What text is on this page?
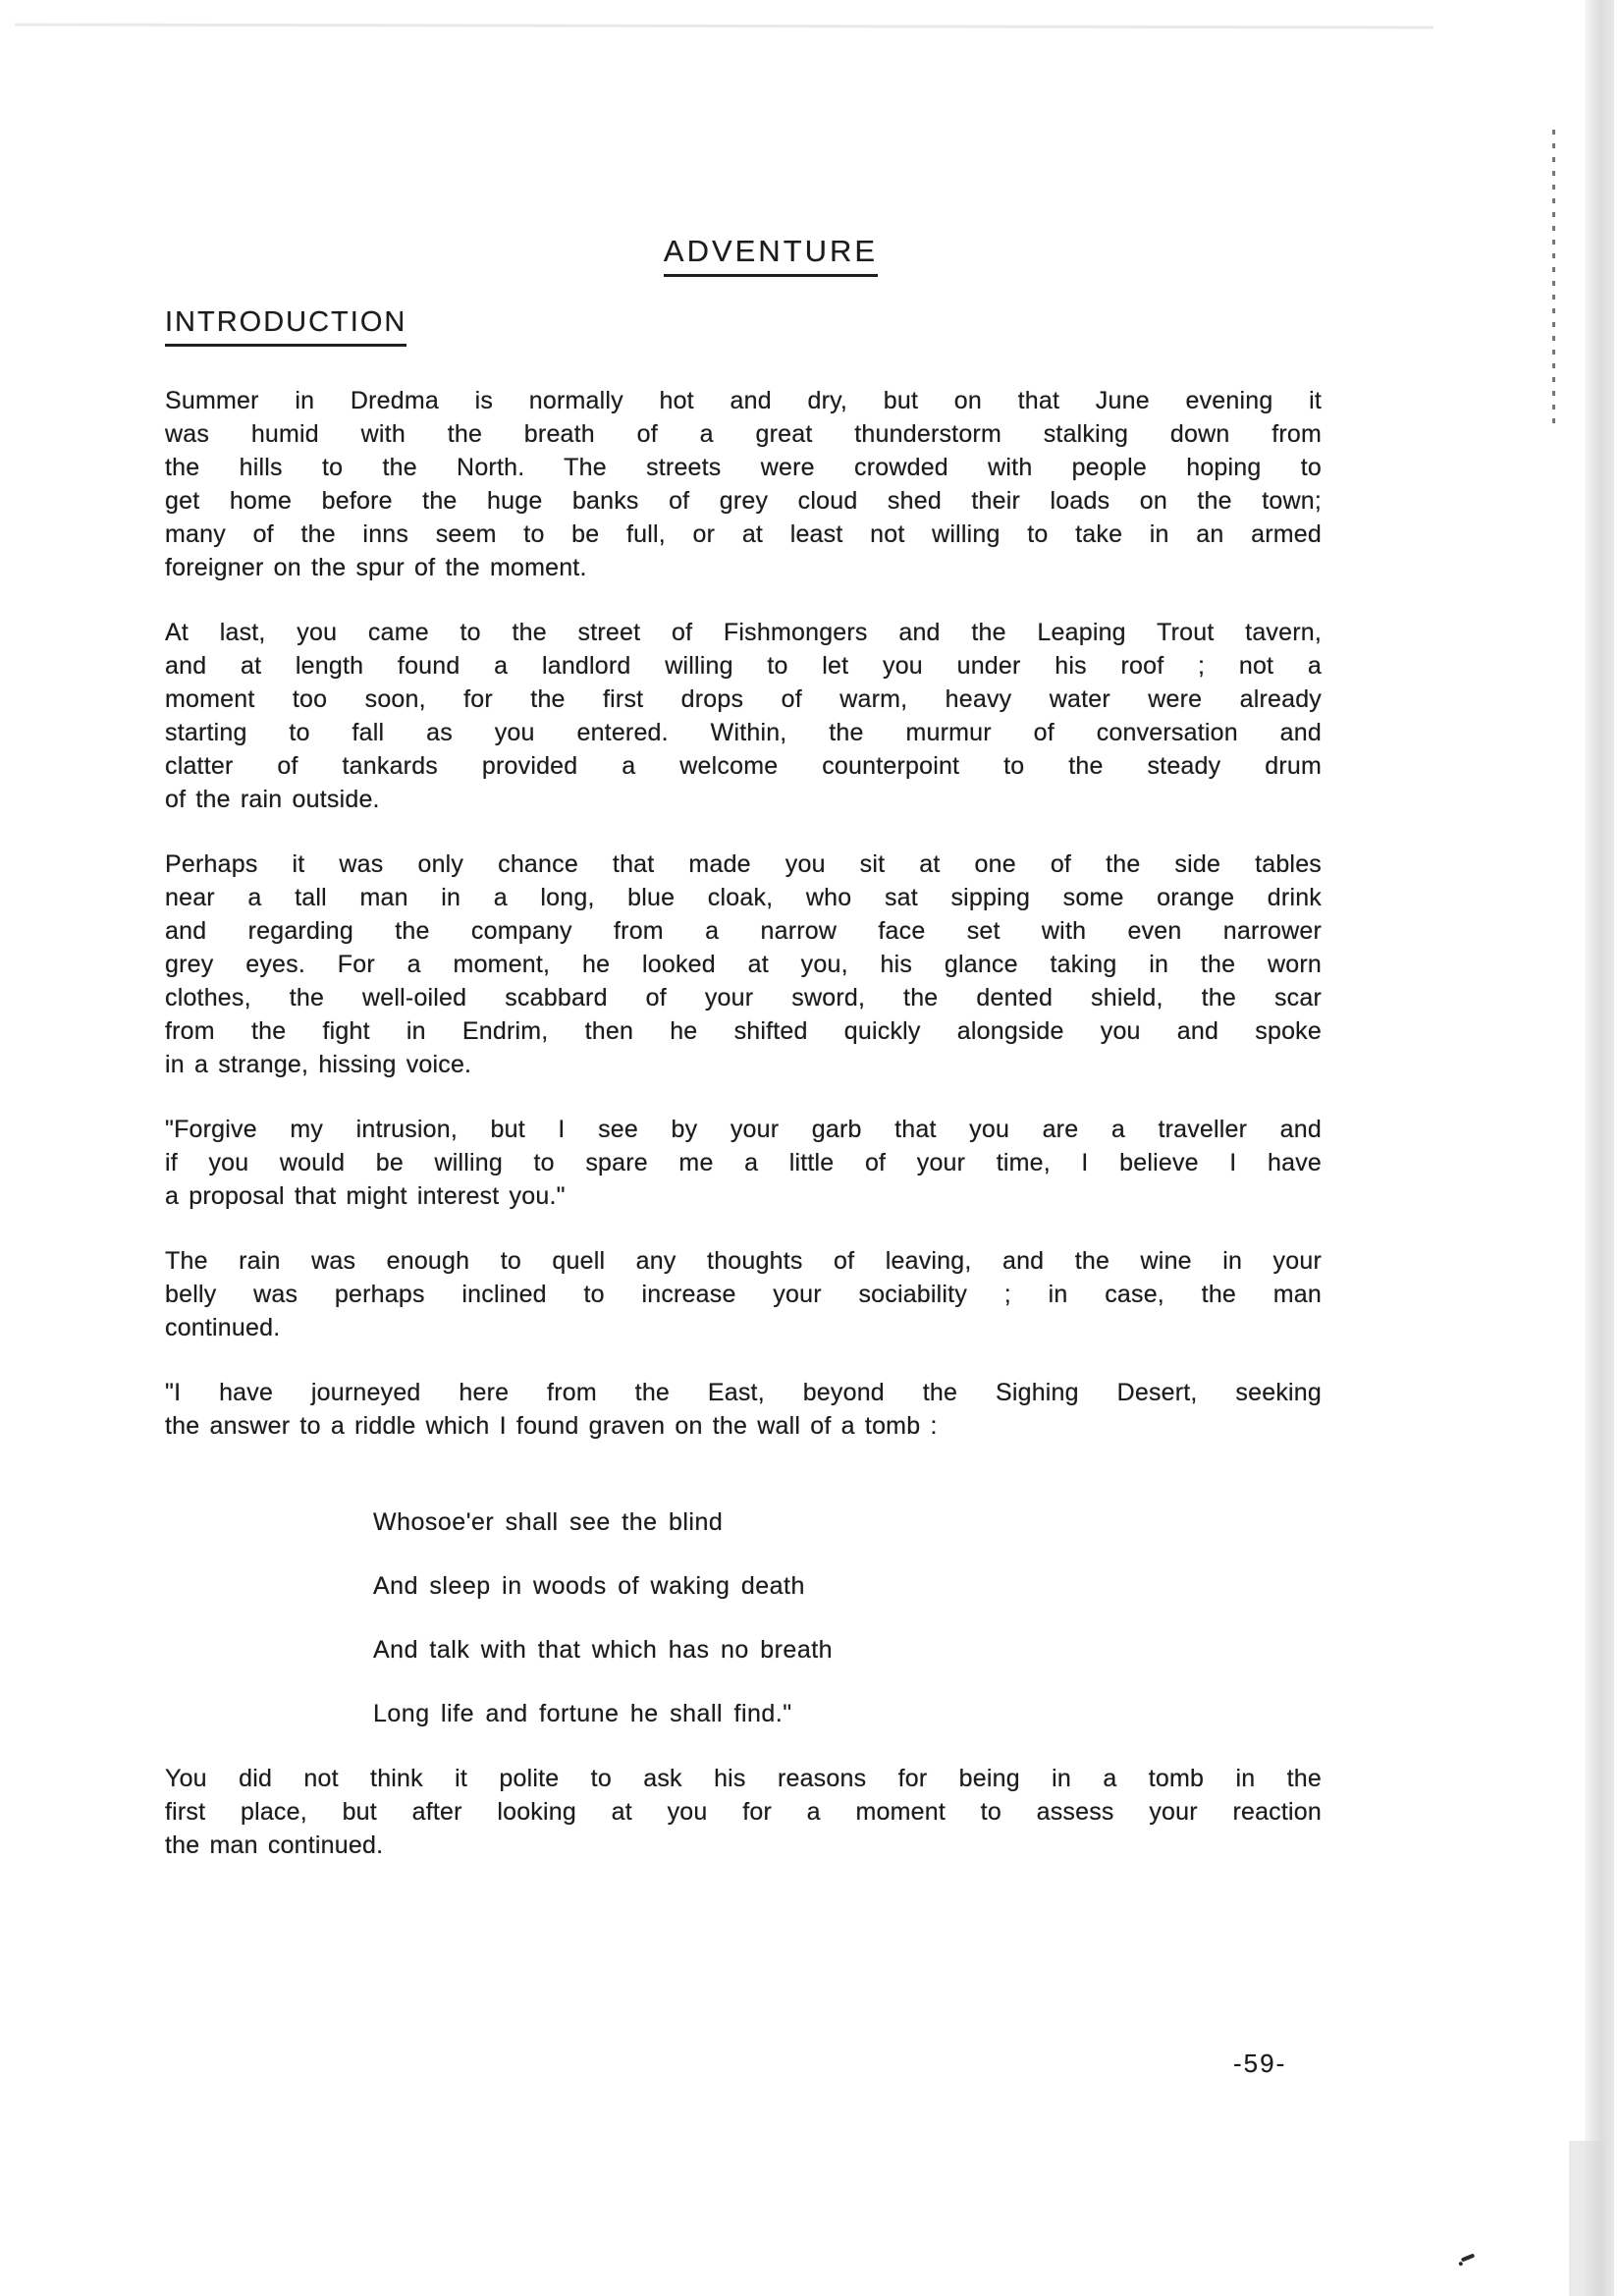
ADVENTURE
INTRODUCTION
Summer in Dredma is normally hot and dry, but on that June evening it
was humid with the breath of a great thunderstorm stalking down from
the hills to the North. The streets were crowded with people hoping to
get home before the huge banks of grey cloud shed their loads on the town;
many of the inns seem to be full, or at least not willing to take in an armed
foreigner on the spur of the moment.
At last, you came to the street of Fishmongers and the Leaping Trout tavern,
and at length found a landlord willing to let you under his roof ; not a
moment too soon, for the first drops of warm, heavy water were already
starting to fall as you entered. Within, the murmur of conversation and
clatter of tankards provided a welcome counterpoint to the steady drum
of the rain outside.
Perhaps it was only chance that made you sit at one of the side tables
near a tall man in a long, blue cloak, who sat sipping some orange drink
and regarding the company from a narrow face set with even narrower
grey eyes. For a moment, he looked at you, his glance taking in the worn
clothes, the well-oiled scabbard of your sword, the dented shield, the scar
from the fight in Endrim, then he shifted quickly alongside you and spoke
in a strange, hissing voice.
"Forgive my intrusion, but I see by your garb that you are a traveller and
if you would be willing to spare me a little of your time, I believe I have
a proposal that might interest you."
The rain was enough to quell any thoughts of leaving, and the wine in your
belly was perhaps inclined to increase your sociability ; in case, the man
continued.
"I have journeyed here from the East, beyond the Sighing Desert, seeking
the answer to a riddle which I found graven on the wall of a tomb :
Whosoe'er shall see the blind
And sleep in woods of waking death
And talk with that which has no breath
Long life and fortune he shall find."
You did not think it polite to ask his reasons for being in a tomb in the
first place, but after looking at you for a moment to assess your reaction
the man continued.
-59-
